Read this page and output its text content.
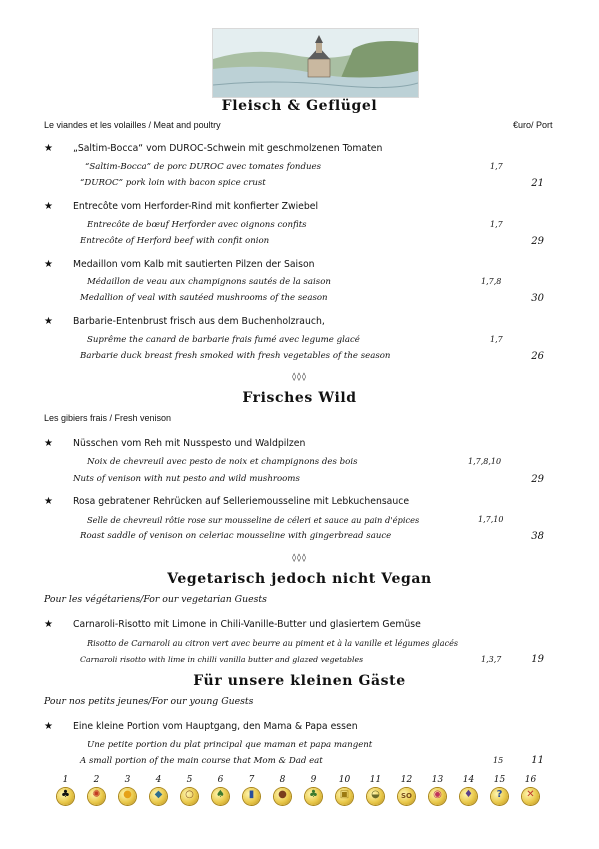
Fleisch & Geflügel
Le viandes et les volailles / Meat and poultry	€uro/ Port
★ „Saltim-Bocca“ vom DUROC-Schwein mit geschmolzenen Tomaten
“Saltim-Bocca” de porc DUROC avec tomates fondues	1,7
“DUROC” pork loin with bacon spice crust	21
★ Entrecôte vom Herforder-Rind mit konfierter Zwiebel
Entrecôte de bœuf Herforder avec oignons confits	1,7
Entrecôte of Herford beef with confit onion	29
★ Medaillon vom Kalb mit sautierten Pilzen der Saison
Médaillon de veau aux champignons sautés de la saison	1,7,8
Medallion of veal with sautéed mushrooms of the season	30
★ Barbarie-Entenbrust frisch aus dem Buchenholzrauch,
Suprême the canard de barbarie frais fumé avec legume glacé	1,7
Barbarie duck breast fresh smoked with fresh vegetables of the season	26
◊◊◊
Frisches Wild
Les gibiers frais / Fresh venison
★ Nüsschen vom Reh mit Nusspesto und Waldpilzen
Noix de chevreuil avec pesto de noix et champignons des bois	1,7,8,10
Nuts of venison with nut pesto and wild mushrooms	29
★ Rosa gebratener Rehrücken auf Selleriemousseline mit Lebkuchensauce
Selle de chevreuil rôtie rose sur mousseline de céleri et sauce au pain d'épices	1,7,10
Roast saddle of venison on celeriac mousseline with gingerbread sauce	38
◊◊◊
Vegetarisch jedoch nicht Vegan
Pour les végétariens/For our vegetarian Guests
★ Carnaroli-Risotto mit Limone in Chili-Vanille-Butter und glasiertem Gemüse
Risotto de Carnaroli au citron vert avec beurre au piment et à la vanille et légumes glacés
Carnaroli risotto with lime in chilli vanilla butter and glazed vegetables	1,3,7	19
Für unsere kleinen Gäste
Pour nos petits jeunes/For our young Guests
★ Eine kleine Portion vom Hauptgang, den Mama & Papa essen
Une petite portion du plat principal que maman et papa mangent
A small portion of the main course that Mom & Dad eat	15	11
1	2	3	4	5	6	7	8	9	10	11	12	13	14	15	16
♣	✺	●	◆	○	♠	▮	●	♣	▣	◒	SO	◉	♦	?	✕
